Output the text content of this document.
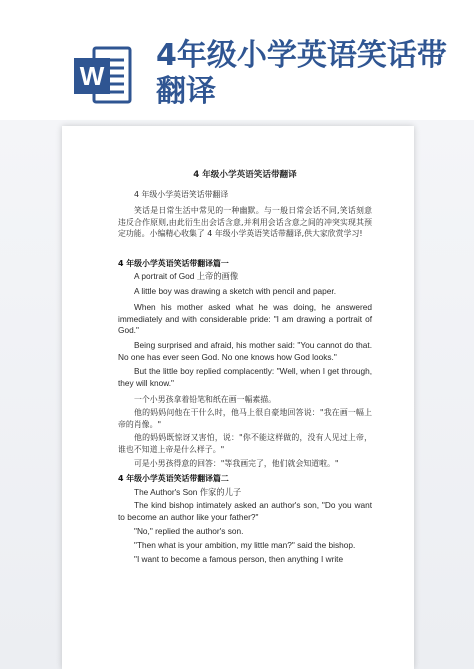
W
4年级小学英语笑话带翻译
4 年级小学英语笑话带翻译
4 年级小学英语笑话带翻译
笑话是日常生活中常见的一种幽默。与一般日常会话不同,笑话刻意违反合作原则,由此衍生出会话含意,并利用会话含意之间的冲突实现其预定功能。小编精心收集了 4 年级小学英语笑话带翻译,供大家欣赏学习!
4 年级小学英语笑话带翻译篇一
A portrait of God 上帝的画像
A little boy was drawing a sketch with pencil and paper.
When his mother asked what he was doing, he answered immediately and with considerable pride: "I am drawing a portrait of God."
Being surprised and afraid, his mother said: "You cannot do that. No one has ever seen God. No one knows how God looks."
But the little boy replied complacently: "Well, when I get through, they will know."
一个小男孩拿着铅笔和纸在画一幅素描。
他的妈妈问他在干什么时，他马上很自豪地回答说："我在画一幅上帝的肖像。"
他的妈妈既惊讶又害怕，说："你不能这样做的，没有人见过上帝，谁也不知道上帝是什么样子。"
可是小男孩得意的回答："等我画完了，他们就会知道啦。"
4 年级小学英语笑话带翻译篇二
The Author's Son 作家的儿子
The kind bishop intimately asked an author's son, "Do you want to become an author like your father?"
"No," replied the author's son.
"Then what is your ambition, my little man?" said the bishop.
"I want to become a famous person, then anything I write
